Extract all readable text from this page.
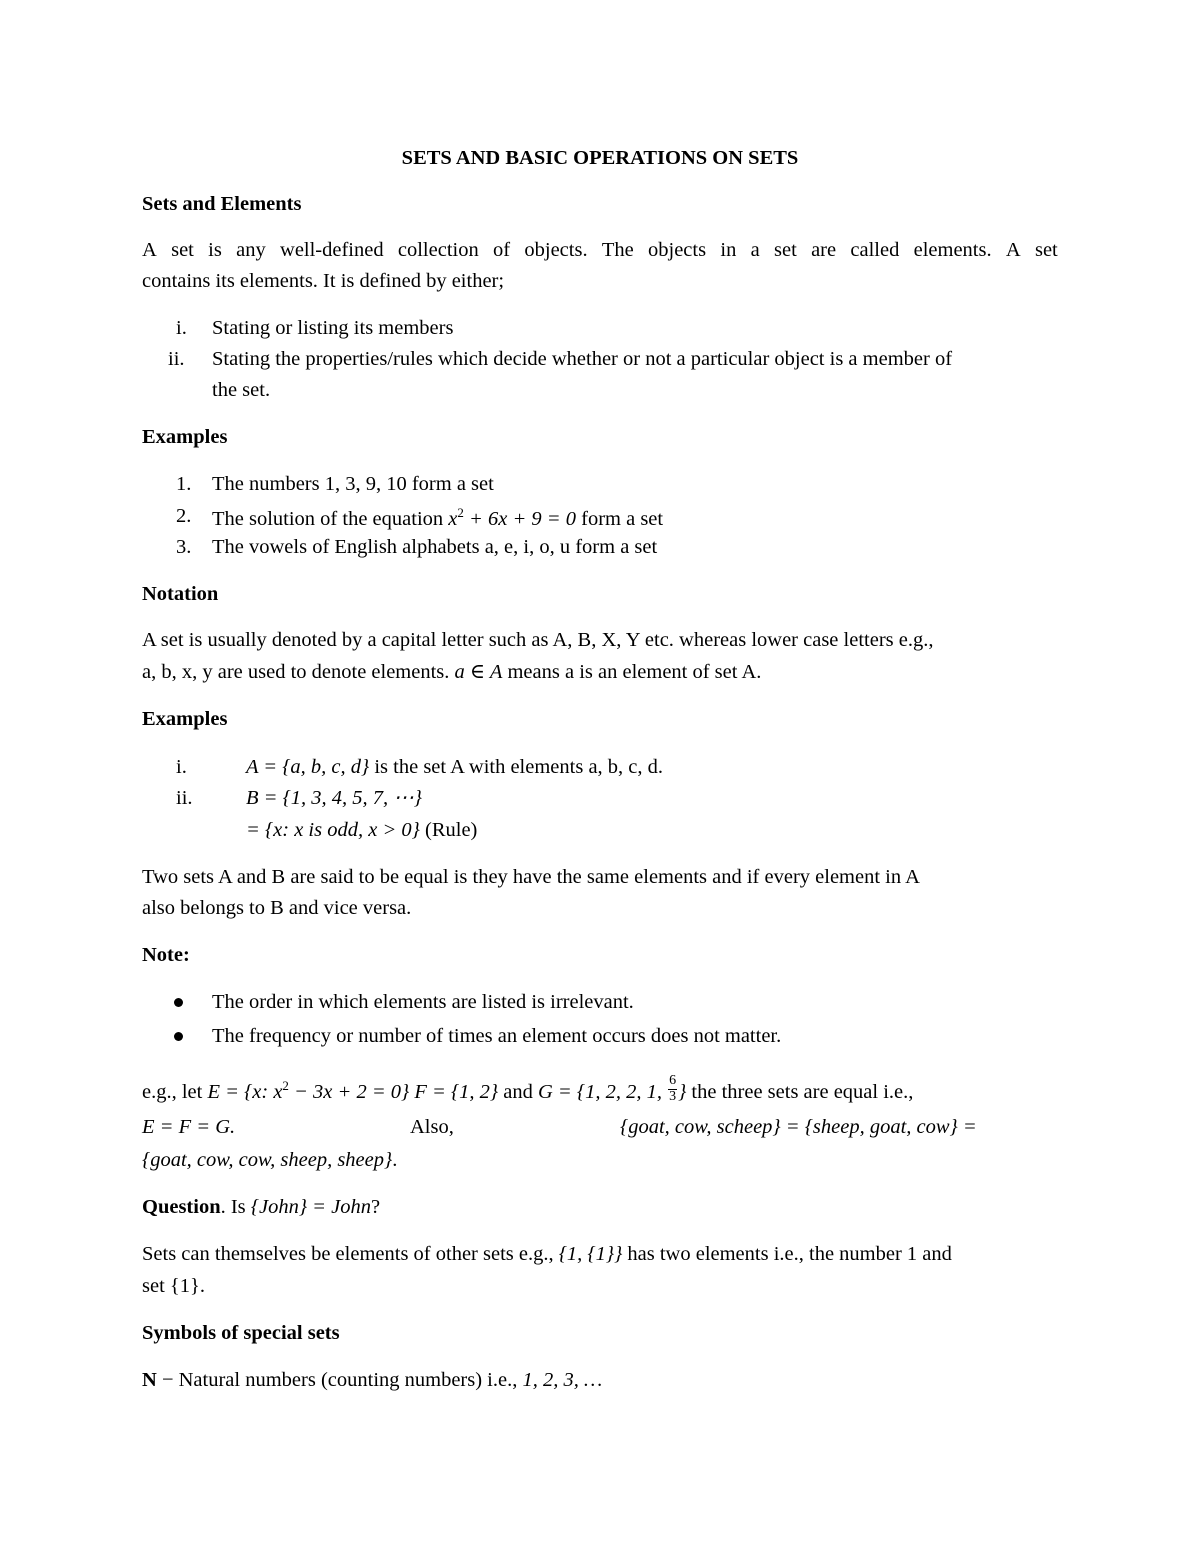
SETS AND BASIC OPERATIONS ON SETS
Sets and Elements
A set is any well-defined collection of objects. The objects in a set are called elements. A set
contains its elements. It is defined by either;
i. Stating or listing its members
ii. Stating the properties/rules which decide whether or not a particular object is a member of
the set.
Examples
1. The numbers 1, 3, 9, 10 form a set
2. The solution of the equation $x^2 + 6x + 9 = 0$ form a set
3. The vowels of English alphabets a, e, i, o, u form a set
Notation
A set is usually denoted by a capital letter such as A, B, X, Y etc. whereas lower case letters e.g.,
a, b, x, y are used to denote elements. a ∈ A means a is an element of set A.
Examples
i.	A = {a, b, c, d} is the set A with elements a, b, c, d.
ii.	B = {1, 3, 4, 5, 7, ⋯}
= {x: x is odd, x > 0} (Rule)
Two sets A and B are said to be equal is they have the same elements and if every element in A
also belongs to B and vice versa.
Note:
The order in which elements are listed is irrelevant.
The frequency or number of times an element occurs does not matter.
e.g., let E = {x: $x^2 - 3x + 2 = 0$} F = {1, 2} and G = {1, 2, 2, 1, $\frac{6}{3}$ } the three sets are equal i.e.,
E = F = G.	Also,	{goat, cow, scheep} = {sheep, goat, cow} =
{goat, cow, cow, sheep, sheep}.
Question. Is {John} = John?
Sets can themselves be elements of other sets e.g., {1, {1}} has two elements i.e., the number 1 and
set {1}.
Symbols of special sets
N − Natural numbers (counting numbers) i.e., 1, 2, 3, …
